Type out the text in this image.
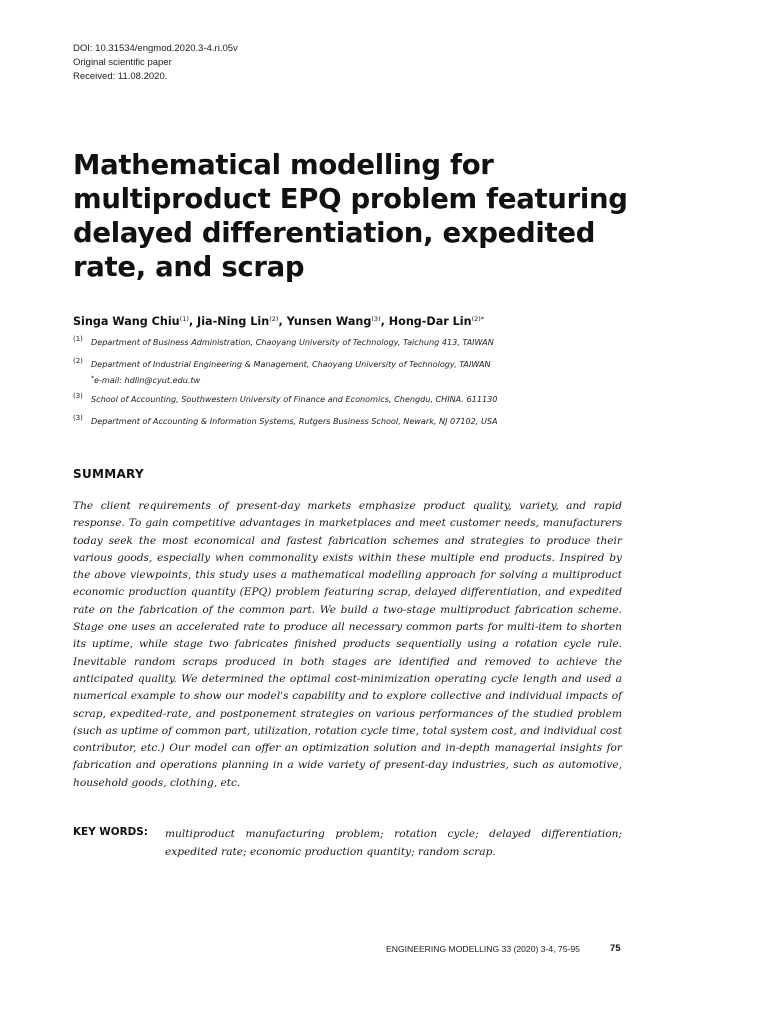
DOI: 10.31534/engmod.2020.3-4.ri.05v
Original scientific paper
Received: 11.08.2020.
Mathematical modelling for multiproduct EPQ problem featuring delayed differentiation, expedited rate, and scrap
Singa Wang Chiu$^{(1)}$, Jia-Ning Lin$^{(2)}$, Yunsen Wang$^{(3)}$, Hong-Dar Lin$^{(2)*}$
(1) Department of Business Administration, Chaoyang University of Technology, Taichung 413, TAIWAN
(2) Department of Industrial Engineering & Management, Chaoyang University of Technology, TAIWAN
*e-mail: hdlin@cyut.edu.tw
(3) School of Accounting, Southwestern University of Finance and Economics, Chengdu, CHINA. 611130
(3) Department of Accounting & Information Systems, Rutgers Business School, Newark, NJ 07102, USA
SUMMARY

The client requirements of present-day markets emphasize product quality, variety, and rapid response. To gain competitive advantages in marketplaces and meet customer needs, manufacturers today seek the most economical and fastest fabrication schemes and strategies to produce their various goods, especially when commonality exists within these multiple end products. Inspired by the above viewpoints, this study uses a mathematical modelling approach for solving a multiproduct economic production quantity (EPQ) problem featuring scrap, delayed differentiation, and expedited rate on the fabrication of the common part. We build a two-stage multiproduct fabrication scheme. Stage one uses an accelerated rate to produce all necessary common parts for multi-item to shorten its uptime, while stage two fabricates finished products sequentially using a rotation cycle rule. Inevitable random scraps produced in both stages are identified and removed to achieve the anticipated quality. We determined the optimal cost-minimization operating cycle length and used a numerical example to show our model's capability and to explore collective and individual impacts of scrap, expedited-rate, and postponement strategies on various performances of the studied problem (such as uptime of common part, utilization, rotation cycle time, total system cost, and individual cost contributor, etc.) Our model can offer an optimization solution and in-depth managerial insights for fabrication and operations planning in a wide variety of present-day industries, such as automotive, household goods, clothing, etc.

KEY WORDS: multiproduct manufacturing problem; rotation cycle; delayed differentiation; expedited rate; economic production quantity; random scrap.

ENGINEERING MODELLING 33 (2020) 3-4, 75-95	75
